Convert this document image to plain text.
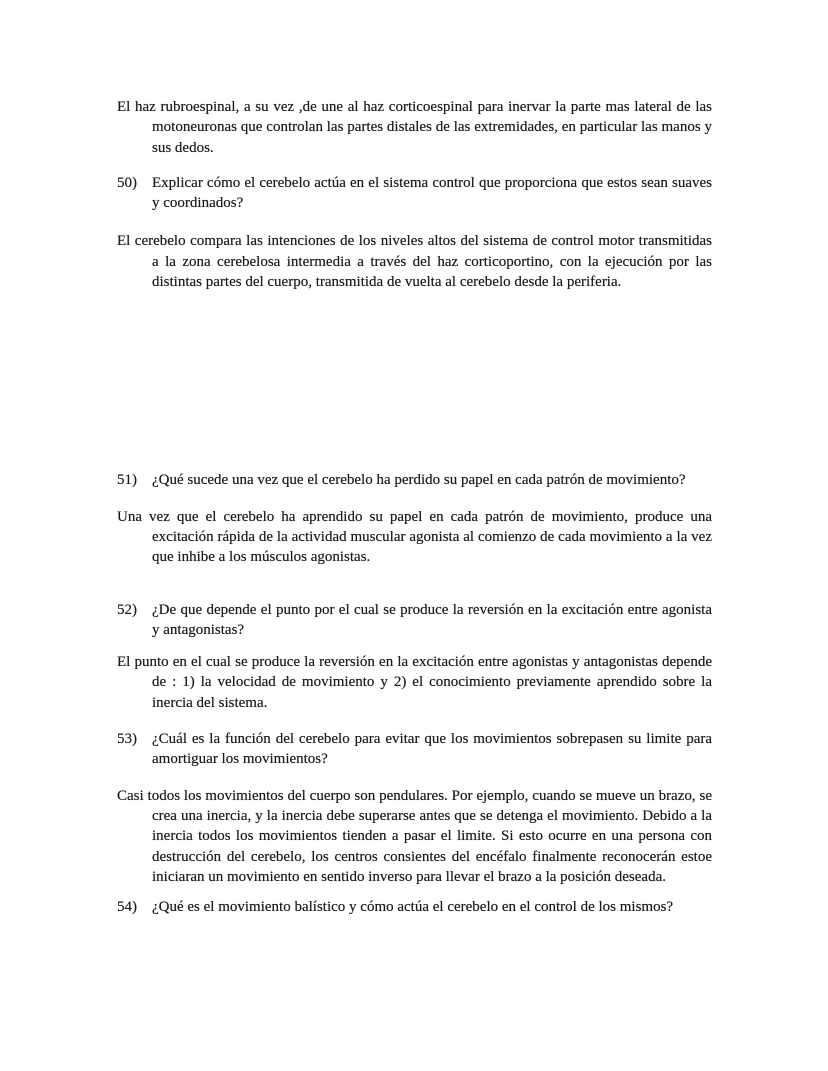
El haz rubroespinal, a su vez ,de une al haz corticoespinal para inervar la parte mas lateral de las motoneuronas que controlan las partes distales de las extremidades, en particular las manos y sus dedos.
50)	Explicar cómo el cerebelo actúa en el sistema control que proporciona que estos sean suaves y coordinados?
El cerebelo compara las intenciones de los niveles altos del sistema de control motor transmitidas a la zona cerebelosa intermedia a través del haz corticoportino, con la ejecución por las distintas partes del cuerpo, transmitida de vuelta al cerebelo desde la periferia.
51)	¿Qué sucede una vez que el cerebelo ha perdido su papel en cada patrón de movimiento?
Una vez que el cerebelo ha aprendido su papel en cada patrón de movimiento, produce una excitación rápida de la actividad muscular agonista al comienzo de cada movimiento a la vez que inhibe a los músculos agonistas.
52)	¿De que depende el punto por el cual se produce la reversión en la excitación entre agonista y antagonistas?
El punto en el cual se produce la reversión en la excitación entre agonistas y antagonistas depende de : 1) la velocidad de movimiento y 2) el conocimiento previamente aprendido sobre la inercia del sistema.
53)	¿Cuál es la función del cerebelo para evitar que los movimientos sobrepasen su limite para amortiguar los movimientos?
Casi todos los movimientos del cuerpo son pendulares. Por ejemplo, cuando se mueve un brazo, se crea una inercia, y la inercia debe superarse antes que se detenga el movimiento. Debido a la inercia todos los movimientos tienden a pasar el limite. Si esto ocurre en una persona con destrucción del cerebelo, los centros consientes del encéfalo finalmente reconocerán estoe iniciaran un movimiento en sentido inverso para llevar el brazo a la posición deseada.
54)	¿Qué es el movimiento balístico y cómo actúa el cerebelo en el control de los mismos?
